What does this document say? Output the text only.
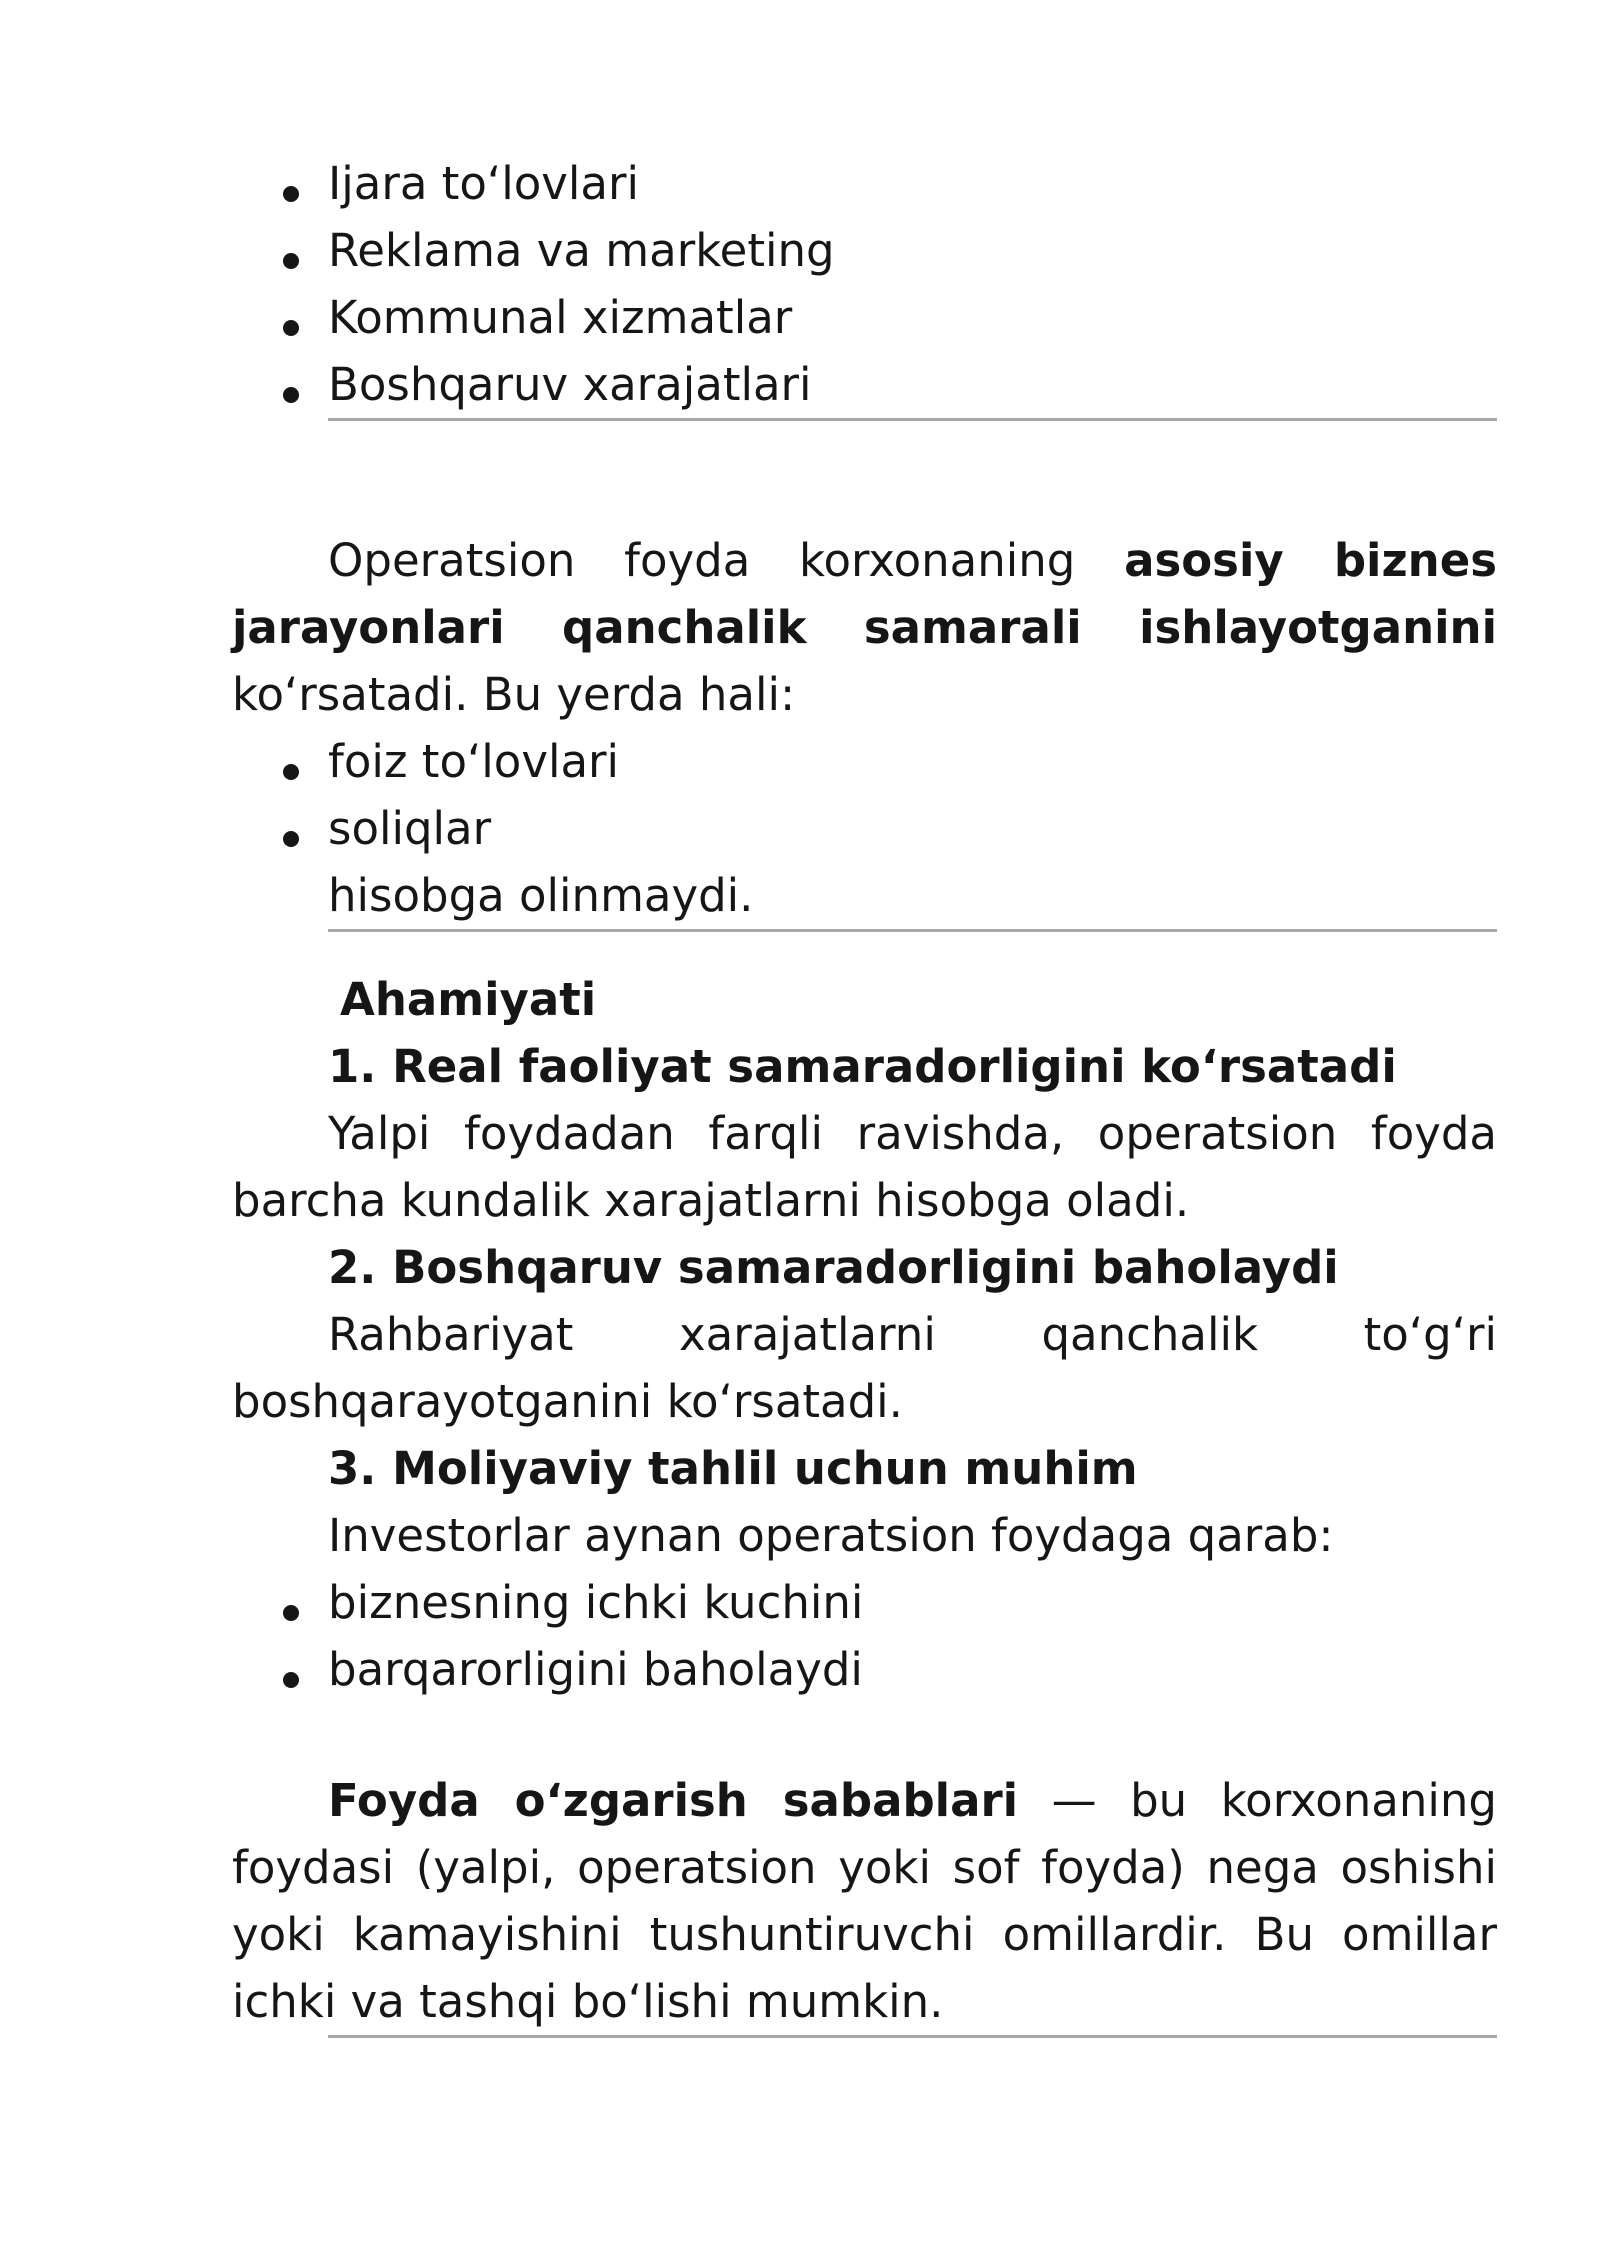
Ijara to‘lovlari
Reklama va marketing
Kommunal xizmatlar
Boshqaruv xarajatlari

Operatsion foyda korxonaning asosiy biznes jarayonlari qanchalik samarali ishlayotganini ko‘rsatadi. Bu yerda hali:

foiz to‘lovlari
soliqlar
hisobga olinmaydi.
Ahamiyati
1. Real faoliyat samaradorligini ko‘rsatadi

Yalpi foydadan farqli ravishda, operatsion foyda barcha kundalik xarajatlarni hisobga oladi.

2. Boshqaruv samaradorligini baholaydi

Rahbariyat xarajatlarni qanchalik to‘g‘ri boshqarayotganini ko‘rsatadi.

3. Moliyaviy tahlil uchun muhim
Investorlar aynan operatsion foydaga qarab:
biznesning ichki kuchini
barqarorligini baholaydi

Foyda o‘zgarish sabablari — bu korxonaning foydasi (yalpi, operatsion yoki sof foyda) nega oshishi yoki kamayishini tushuntiruvchi omillardir. Bu omillar ichki va tashqi bo‘lishi mumkin.
